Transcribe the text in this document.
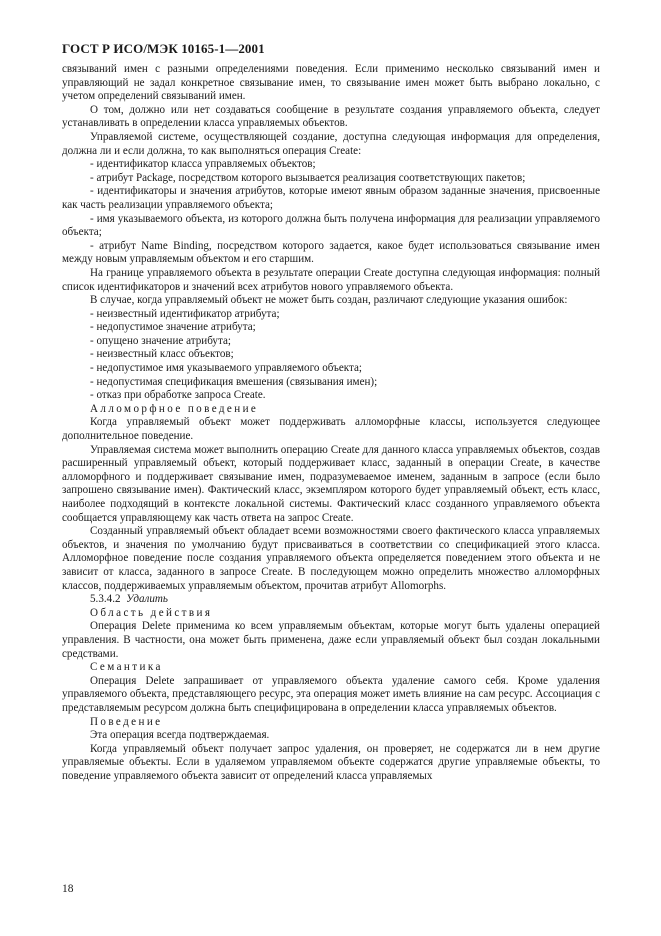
ГОСТ Р ИСО/МЭК 10165-1—2001

связываний имен с разными определениями поведения. Если применимо несколько связываний имен и управляющий не задал конкретное связывание имен, то связывание имен может быть выбрано локально, с учетом определений связываний имен.

О том, должно или нет создаваться сообщение в результате создания управляемого объекта, следует устанавливать в определении класса управляемых объектов.

Управляемой системе, осуществляющей создание, доступна следующая информация для определения, должна ли и если должна, то как выполняться операция Create:

- идентификатор класса управляемых объектов;

- атрибут Package, посредством которого вызывается реализация соответствующих пакетов;

- идентификаторы и значения атрибутов, которые имеют явным образом заданные значения, присвоенные как часть реализации управляемого объекта;

- имя указываемого объекта, из которого должна быть получена информация для реализации управляемого объекта;

- атрибут Name Binding, посредством которого задается, какое будет использоваться связывание имен между новым управляемым объектом и его старшим.

На границе управляемого объекта в результате операции Create доступна следующая информация: полный список идентификаторов и значений всех атрибутов нового управляемого объекта.

В случае, когда управляемый объект не может быть создан, различают следующие указания ошибок:

- неизвестный идентификатор атрибута;

- недопустимое значение атрибута;

- опущено значение атрибута;

- неизвестный класс объектов;

- недопустимое имя указываемого управляемого объекта;

- недопустимая спецификация вмешения (связывания имен);

- отказ при обработке запроса Create.

Алломорфное поведение

Когда управляемый объект может поддерживать алломорфные классы, используется следующее дополнительное поведение.

Управляемая система может выполнить операцию Create для данного класса управляемых объектов, создав расширенный управляемый объект, который поддерживает класс, заданный в операции Create, в качестве алломорфного и поддерживает связывание имен, подразумеваемое именем, заданным в запросе (если было запрошено связывание имен). Фактический класс, экземпляром которого будет управляемый объект, есть класс, наиболее подходящий в контексте локальной системы. Фактический класс созданного управляемого объекта сообщается управляющему как часть ответа на запрос Create.

Созданный управляемый объект обладает всеми возможностями своего фактического класса управляемых объектов, и значения по умолчанию будут присваиваться в соответствии со спецификацией этого класса. Алломорфное поведение после создания управляемого объекта определяется поведением этого объекта и не зависит от класса, заданного в запросе Create. В последующем можно определить множество алломорфных классов, поддерживаемых управляемым объектом, прочитав атрибут Allomorphs.

5.3.4.2 Удалить

Область действия

Операция Delete применима ко всем управляемым объектам, которые могут быть удалены операцией управления. В частности, она может быть применена, даже если управляемый объект был создан локальными средствами.

Семантика

Операция Delete запрашивает от управляемого объекта удаление самого себя. Кроме удаления управляемого объекта, представляющего ресурс, эта операция может иметь влияние на сам ресурс. Ассоциация с представляемым ресурсом должна быть специфицирована в определении класса управляемых объектов.

Поведение

Эта операция всегда подтверждаемая.

Когда управляемый объект получает запрос удаления, он проверяет, не содержатся ли в нем другие управляемые объекты. Если в удаляемом управляемом объекте содержатся другие управляемые объекты, то поведение управляемого объекта зависит от определений класса управляемых

18
